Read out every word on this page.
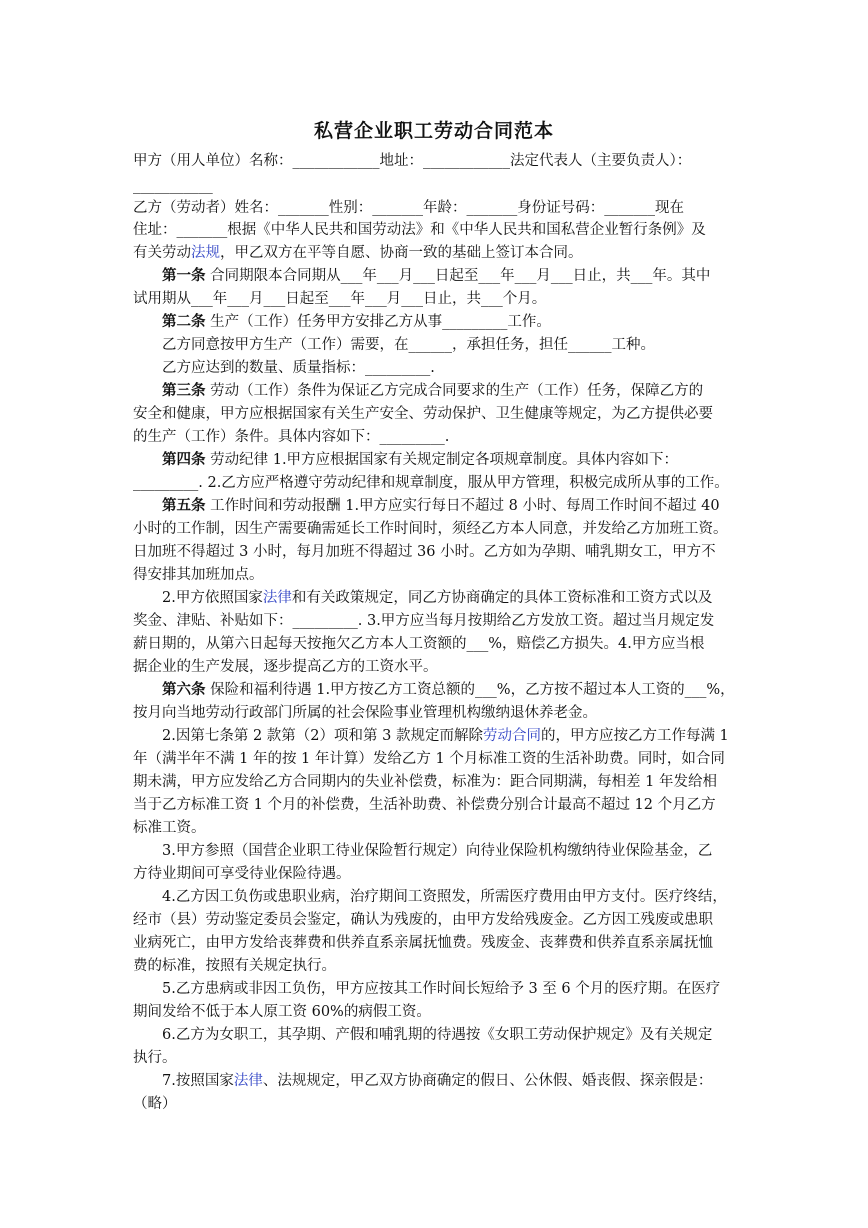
私营企业职工劳动合同范本
甲方（用人单位）名称：____________地址：____________法定代表人（主要负责人）：
___________
乙方（劳动者）姓名：_______性别：_______年龄：_______身份证号码：_______现在
住址：_______根据《中华人民共和国劳动法》和《中华人民共和国私营企业暂行条例》及
有关劳动法规，甲乙双方在平等自愿、协商一致的基础上签订本合同。
第一条 合同期限本合同期从___年___月___日起至___年___月___日止，共___年。其中
试用期从___年___月___日起至___年___月___日止，共___个月。
第二条 生产（工作）任务甲方安排乙方从事_________工作。
乙方同意按甲方生产（工作）需要，在______，承担任务，担任______工种。
乙方应达到的数量、质量指标：_________.
第三条 劳动（工作）条件为保证乙方完成合同要求的生产（工作）任务，保障乙方的
安全和健康，甲方应根据国家有关生产安全、劳动保护、卫生健康等规定，为乙方提供必要
的生产（工作）条件。具体内容如下：_________.
第四条 劳动纪律 1.甲方应根据国家有关规定制定各项规章制度。具体内容如下：
_________. 2.乙方应严格遵守劳动纪律和规章制度，服从甲方管理，积极完成所从事的工作。
第五条 工作时间和劳动报酬 1.甲方应实行每日不超过 8 小时、每周工作时间不超过 40
小时的工作制，因生产需要确需延长工作时间时，须经乙方本人同意，并发给乙方加班工资。
日加班不得超过 3 小时，每月加班不得超过 36 小时。乙方如为孕期、哺乳期女工，甲方不
得安排其加班加点。
2.甲方依照国家法律和有关政策规定，同乙方协商确定的具体工资标准和工资方式以及
奖金、津贴、补贴如下：_________. 3.甲方应当每月按期给乙方发放工资。超过当月规定发
薪日期的，从第六日起每天按拖欠乙方本人工资额的___%，赔偿乙方损失。4.甲方应当根
据企业的生产发展，逐步提高乙方的工资水平。
第六条 保险和福利待遇 1.甲方按乙方工资总额的___%，乙方按不超过本人工资的___%，
按月向当地劳动行政部门所属的社会保险事业管理机构缴纳退休养老金。
2.因第七条第 2 款第（2）项和第 3 款规定而解除劳动合同的，甲方应按乙方工作每满 1
年（满半年不满 1 年的按 1 年计算）发给乙方 1 个月标准工资的生活补助费。同时，如合同
期未满，甲方应发给乙方合同期内的失业补偿费，标准为：距合同期满，每相差 1 年发给相
当于乙方标准工资 1 个月的补偿费，生活补助费、补偿费分别合计最高不超过 12 个月乙方
标准工资。
3.甲方参照（国营企业职工待业保险暂行规定）向待业保险机构缴纳待业保险基金，乙
方待业期间可享受待业保险待遇。
4.乙方因工负伤或患职业病，治疗期间工资照发，所需医疗费用由甲方支付。医疗终结，
经市（县）劳动鉴定委员会鉴定，确认为残废的，由甲方发给残废金。乙方因工残废或患职
业病死亡，由甲方发给丧葬费和供养直系亲属抚恤费。残废金、丧葬费和供养直系亲属抚恤
费的标准，按照有关规定执行。
5.乙方患病或非因工负伤，甲方应按其工作时间长短给予 3 至 6 个月的医疗期。在医疗
期间发给不低于本人原工资 60%的病假工资。
6.乙方为女职工，其孕期、产假和哺乳期的待遇按《女职工劳动保护规定》及有关规定
执行。
7.按照国家法律、法规规定，甲乙双方协商确定的假日、公休假、婚丧假、探亲假是：
（略）
